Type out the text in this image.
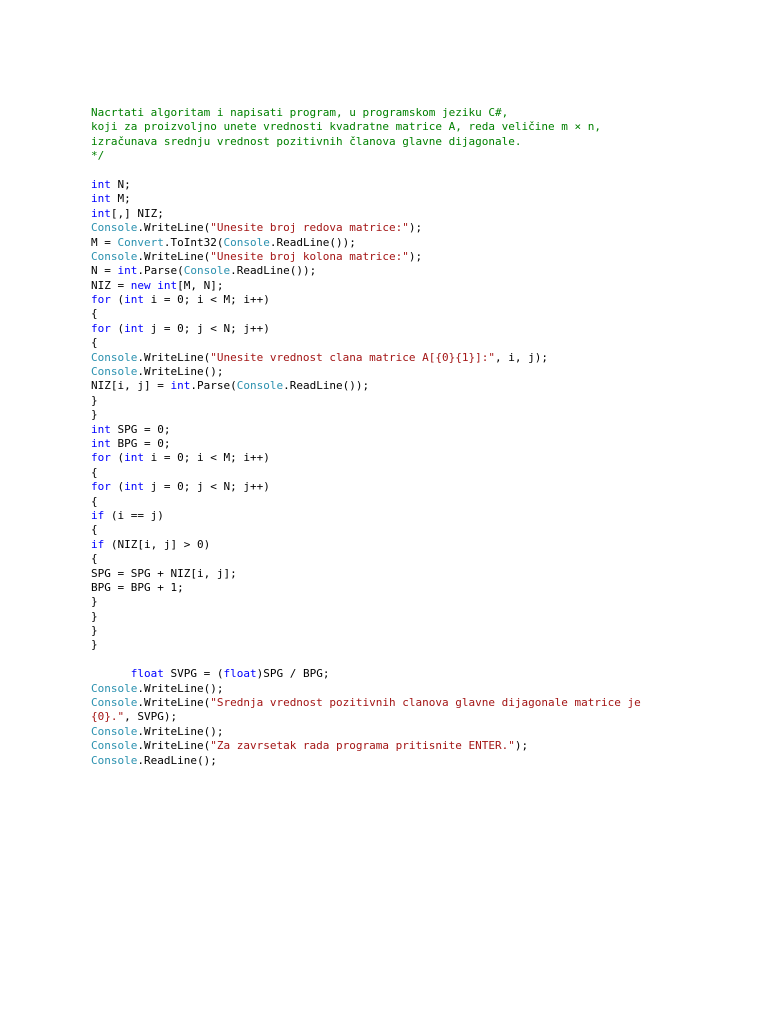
Nacrtati algoritam i napisati program, u programskom jeziku C#,
koji za proizvoljno unete vrednosti kvadratne matrice A, reda veličine m × n,
izračunava srednju vrednost pozitivnih članova glavne dijagonale.
*/

int N;
int M;
int[,] NIZ;
Console.WriteLine("Unesite broj redova matrice:");
M = Convert.ToInt32(Console.ReadLine());
Console.WriteLine("Unesite broj kolona matrice:");
N = int.Parse(Console.ReadLine());
NIZ = new int[M, N];
for (int i = 0; i < M; i++)
{
for (int j = 0; j < N; j++)
{
Console.WriteLine("Unesite vrednost clana matrice A[{0}{1}]:", i, j);
Console.WriteLine();
NIZ[i, j] = int.Parse(Console.ReadLine());
}
}
int SPG = 0;
int BPG = 0;
for (int i = 0; i < M; i++)
{
for (int j = 0; j < N; j++)
{
if (i == j)
{
if (NIZ[i, j] > 0)
{
SPG = SPG + NIZ[i, j];
BPG = BPG + 1;
}
}
}
}

float SVPG = (float)SPG / BPG;
Console.WriteLine();
Console.WriteLine("Srednja vrednost pozitivnih clanova glavne dijagonale matrice je
{0}.", SVPG);
Console.WriteLine();
Console.WriteLine("Za zavrsetak rada programa pritisnite ENTER.");
Console.ReadLine();
